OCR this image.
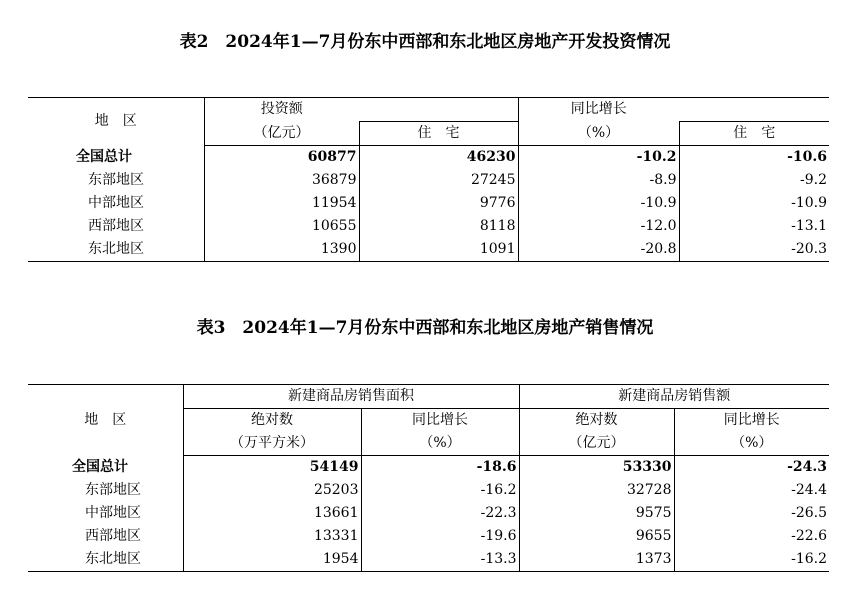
表2　2024年1—7月份东中西部和东北地区房地产开发投资情况
地　区	投资额		同比增长	
	（亿元）	住　宅	（%）	住　宅
全国总计	60877	46230	-10.2	-10.6
东部地区	36879	27245	-8.9	-9.2
中部地区	11954	9776	-10.9	-10.9
西部地区	10655	8118	-12.0	-13.1
东北地区	1390	1091	-20.8	-20.3
表3　2024年1—7月份东中西部和东北地区房地产销售情况
地　区	新建商品房销售面积		新建商品房销售额	
	绝对数	同比增长	绝对数	同比增长
	（万平方米）	（%）	（亿元）	（%）
全国总计	54149	-18.6	53330	-24.3
东部地区	25203	-16.2	32728	-24.4
中部地区	13661	-22.3	9575	-26.5
西部地区	13331	-19.6	9655	-22.6
东北地区	1954	-13.3	1373	-16.2
